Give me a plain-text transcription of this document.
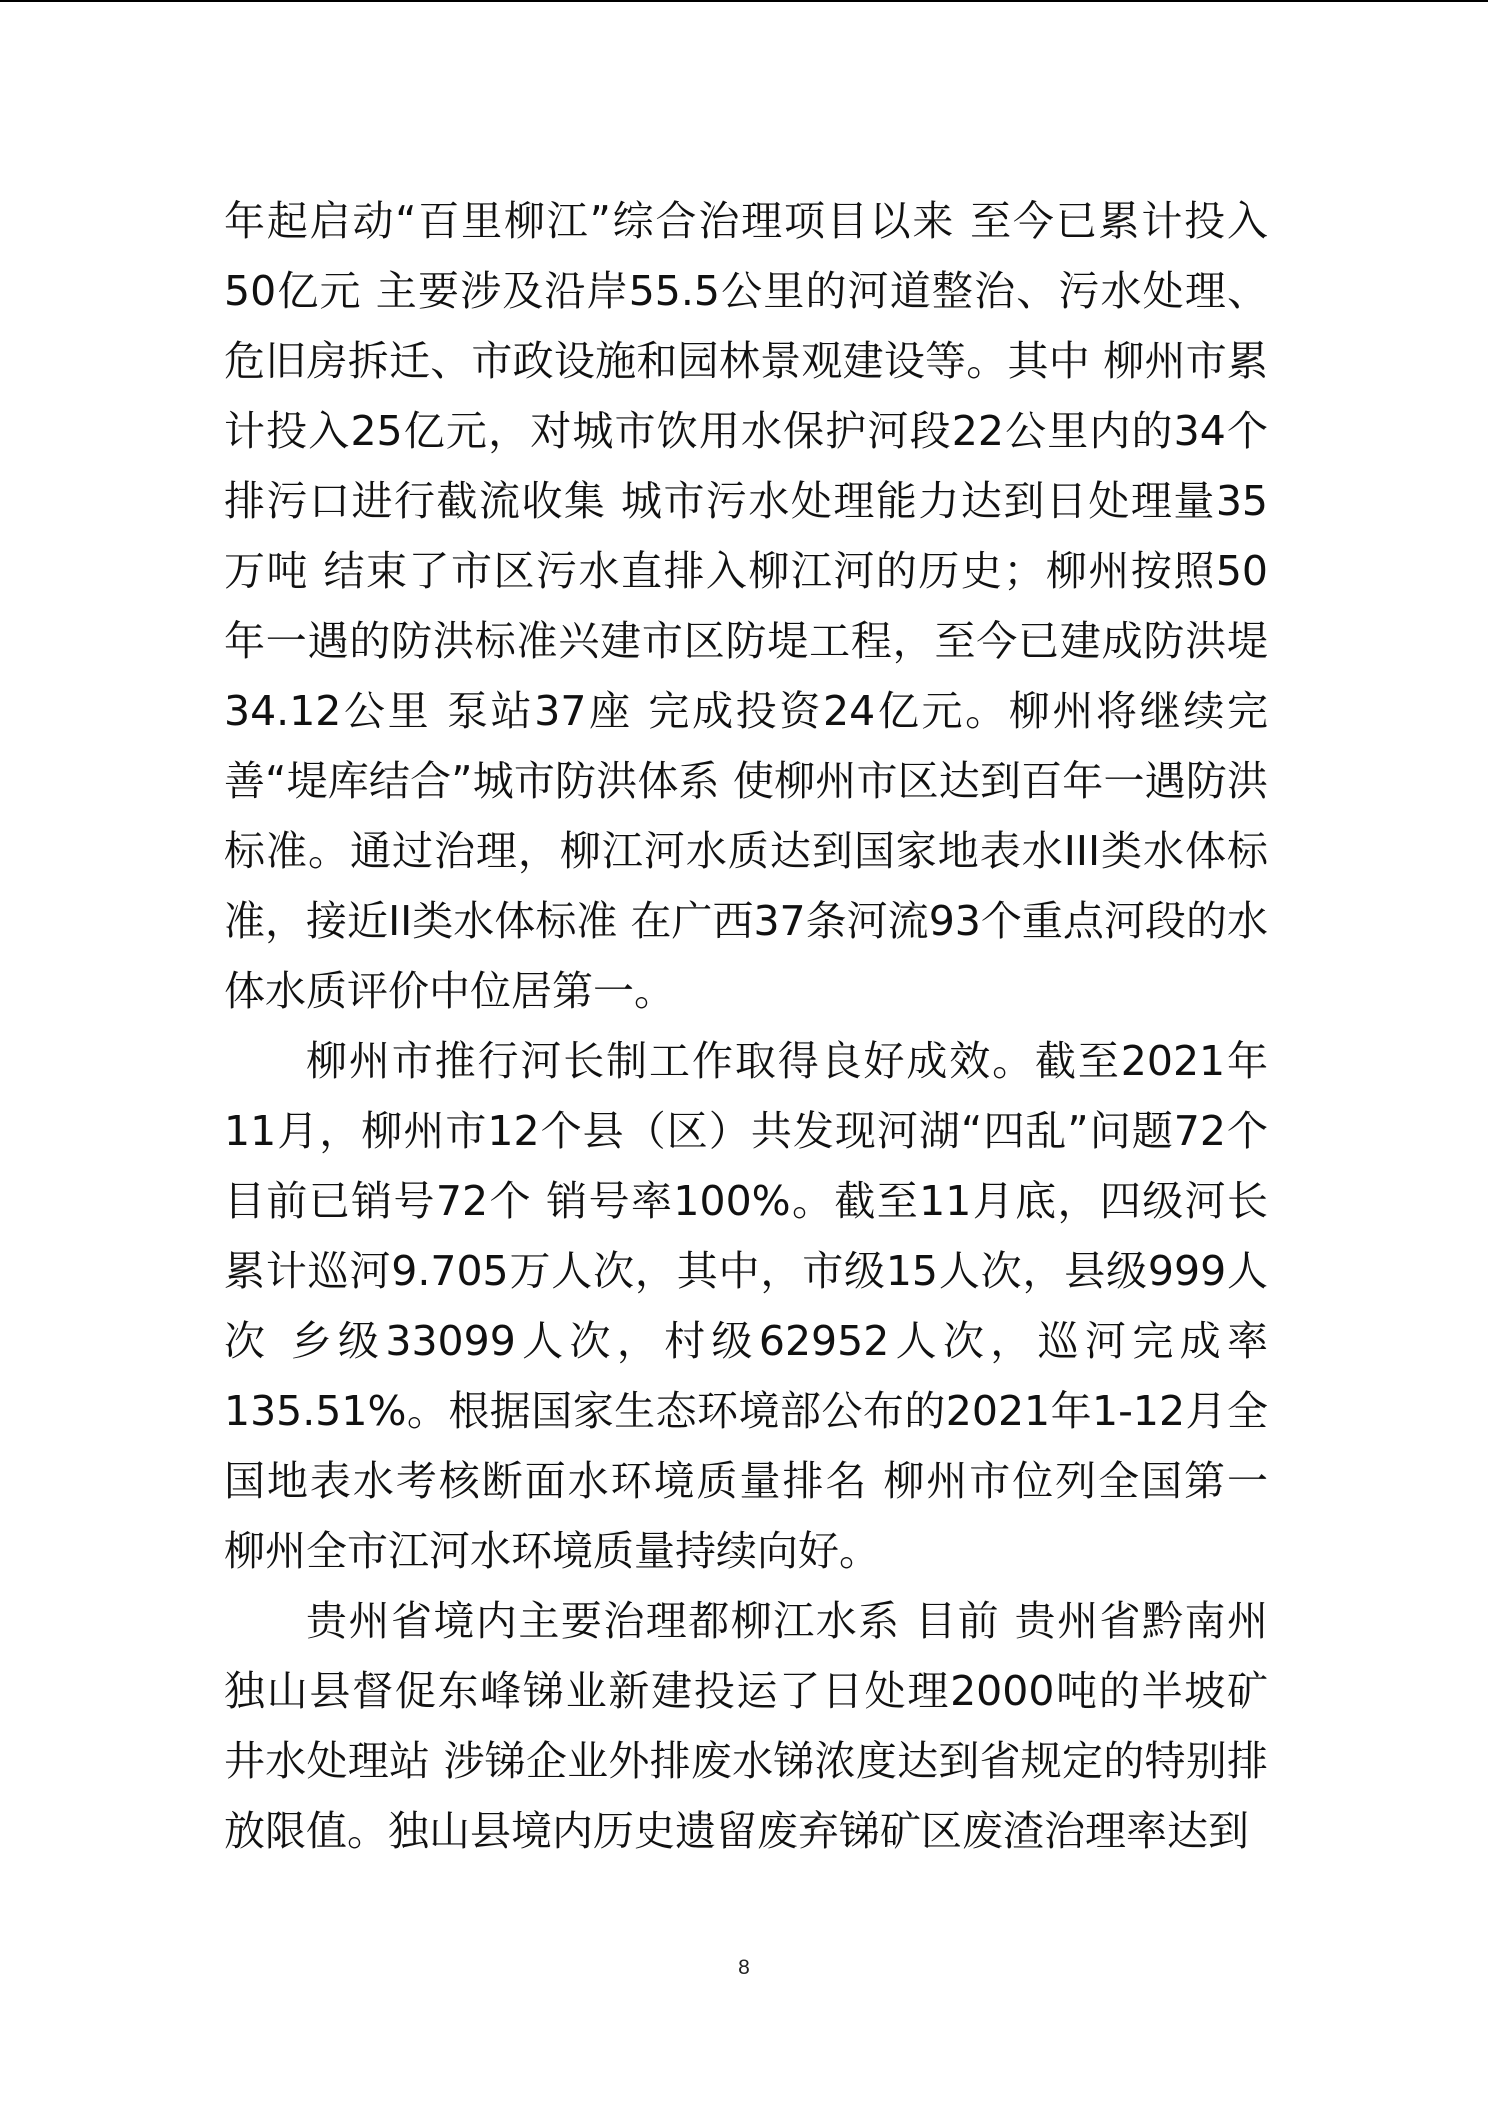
年起启动“百里柳江”综合治理项目以来 至今已累计投入50亿元 主要涉及沿岸55.5公里的河道整治、污水处理、危旧房拆迁、市政设施和园林景观建设等。其中 柳州市累计投入25亿元，对城市饮用水保护河段22公里内的34个排污口进行截流收集 城市污水处理能力达到日处理量35万吨 结束了市区污水直排入柳江河的历史；柳州按照50年一遇的防洪标准兴建市区防堤工程，至今已建成防洪堤34.12公里 泵站37座 完成投资24亿元。柳州将继续完善“堤库结合”城市防洪体系 使柳州市区达到百年一遇防洪标准。通过治理，柳江河水质达到国家地表水III类水体标准，接近II类水体标准 在广西37条河流93个重点河段的水体水质评价中位居第一。

柳州市推行河长制工作取得良好成效。截至2021年11月，柳州市12个县（区）共发现河湖“四乱”问题72个 目前已销号72个 销号率100%。截至11月底，四级河长累计巡河9.705万人次，其中，市级15人次，县级999人次 乡级33099人次，村级62952人次，巡河完成率135.51%。根据国家生态环境部公布的2021年1-12月全国地表水考核断面水环境质量排名 柳州市位列全国第一 柳州全市江河水环境质量持续向好。

贵州省境内主要治理都柳江水系 目前 贵州省黔南州独山县督促东峰锑业新建投运了日处理2000吨的半坡矿井水处理站 涉锑企业外排废水锑浓度达到省规定的特别排放限值。独山县境内历史遗留废弃锑矿区废渣治理率达到

8
